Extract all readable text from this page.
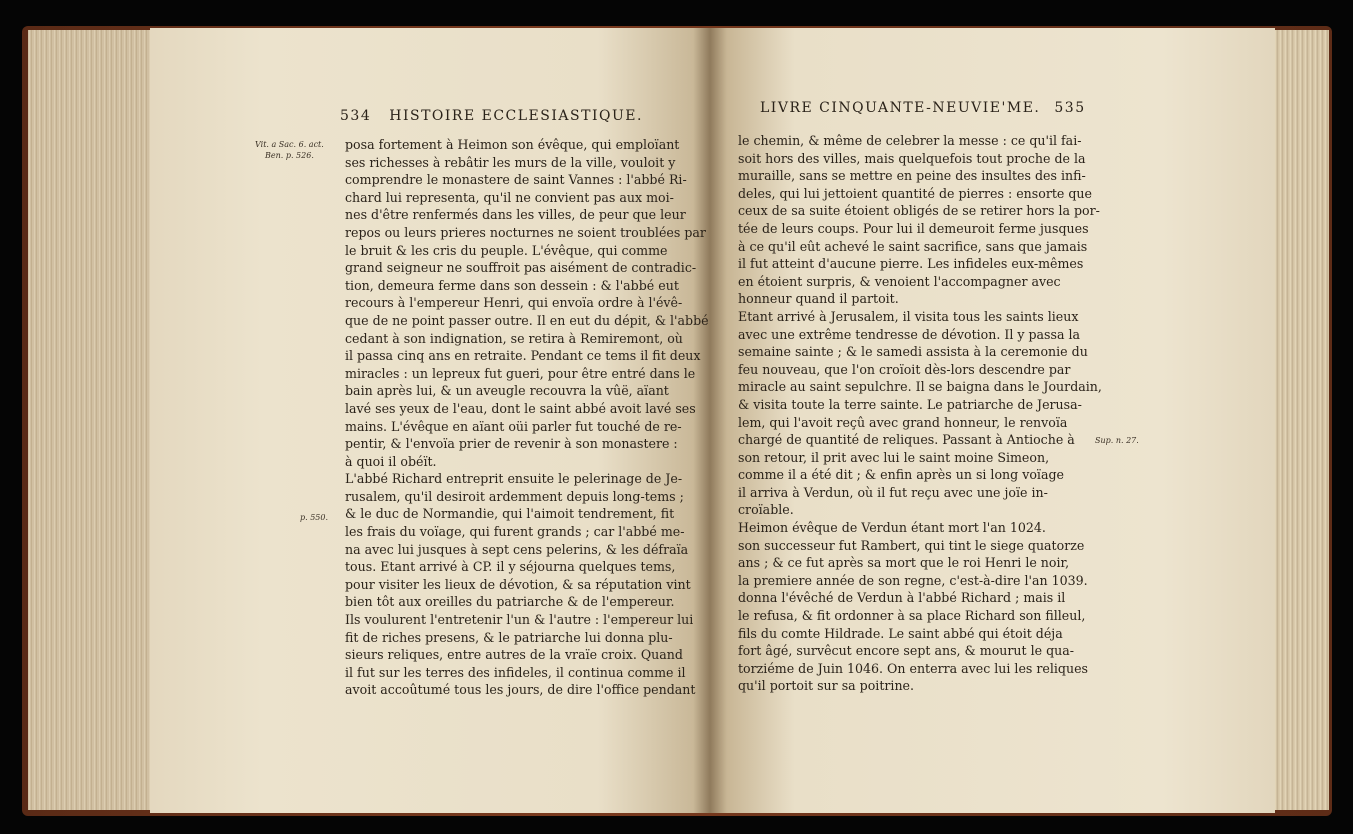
534 HISTOIRE ECCLESIASTIQUE.
Vit. a Sac. 6. act.
Ben. p. 526.
p. 550.
posa fortement à Heimon son évêque, qui emploïant
ses richesses à rebâtir les murs de la ville, vouloit y
comprendre le monastere de saint Vannes : l'abbé Ri-
chard lui representa, qu'il ne convient pas aux moi-
nes d'être renfermés dans les villes, de peur que leur
repos ou leurs prieres nocturnes ne soient troublées par
le bruit & les cris du peuple. L'évêque, qui comme
grand seigneur ne souffroit pas aisément de contradic-
tion, demeura ferme dans son dessein : & l'abbé eut
recours à l'empereur Henri, qui envoïa ordre à l'évê-
que de ne point passer outre. Il en eut du dépit, & l'abbé
cedant à son indignation, se retira à Remiremont, où
il passa cinq ans en retraite. Pendant ce tems il fit deux
miracles : un lepreux fut gueri, pour être entré dans le
bain après lui, & un aveugle recouvra la vûë, aïant
lavé ses yeux de l'eau, dont le saint abbé avoit lavé ses
mains. L'évêque en aïant oüi parler fut touché de re-
pentir, & l'envoïa prier de revenir à son monastere :
à quoi il obéït.
L'abbé Richard entreprit ensuite le pelerinage de Je-
rusalem, qu'il desiroit ardemment depuis long-tems ;
& le duc de Normandie, qui l'aimoit tendrement, fit
les frais du voïage, qui furent grands ; car l'abbé me-
na avec lui jusques à sept cens pelerins, & les défraïa
tous. Etant arrivé à CP. il y séjourna quelques tems,
pour visiter les lieux de dévotion, & sa réputation vint
bien tôt aux oreilles du patriarche & de l'empereur.
Ils voulurent l'entretenir l'un & l'autre : l'empereur lui
fit de riches presens, & le patriarche lui donna plu-
sieurs reliques, entre autres de la vraïe croix. Quand
il fut sur les terres des infideles, il continua comme il
avoit accoûtumé tous les jours, de dire l'office pendant
LIVRE CINQUANTE-NEUVIE'ME. 535
Sup. n. 27.
le chemin, & même de celebrer la messe : ce qu'il fai-
soit hors des villes, mais quelquefois tout proche de la
muraille, sans se mettre en peine des insultes des infi-
deles, qui lui jettoient quantité de pierres : ensorte que
ceux de sa suite étoient obligés de se retirer hors la por-
tée de leurs coups. Pour lui il demeuroit ferme jusques
à ce qu'il eût achevé le saint sacrifice, sans que jamais
il fut atteint d'aucune pierre. Les infideles eux-mêmes
en étoient surpris, & venoient l'accompagner avec
honneur quand il partoit.
Etant arrivé à Jerusalem, il visita tous les saints lieux
avec une extrême tendresse de dévotion. Il y passa la
semaine sainte ; & le samedi assista à la ceremonie du
feu nouveau, que l'on croïoit dès-lors descendre par
miracle au saint sepulchre. Il se baigna dans le Jourdain,
& visita toute la terre sainte. Le patriarche de Jerusa-
lem, qui l'avoit reçû avec grand honneur, le renvoïa
chargé de quantité de reliques. Passant à Antioche à
son retour, il prit avec lui le saint moine Simeon,
comme il a été dit ; & enfin après un si long voïage
il arriva à Verdun, où il fut reçu avec une joïe in-
croïable.
Heimon évêque de Verdun étant mort l'an 1024.
son successeur fut Rambert, qui tint le siege quatorze
ans ; & ce fut après sa mort que le roi Henri le noir,
la premiere année de son regne, c'est-à-dire l'an 1039.
donna l'évêché de Verdun à l'abbé Richard ; mais il
le refusa, & fit ordonner à sa place Richard son filleul,
fils du comte Hildrade. Le saint abbé qui étoit déja
fort âgé, survêcut encore sept ans, & mourut le qua-
torziéme de Juin 1046. On enterra avec lui les reliques
qu'il portoit sur sa poitrine.
